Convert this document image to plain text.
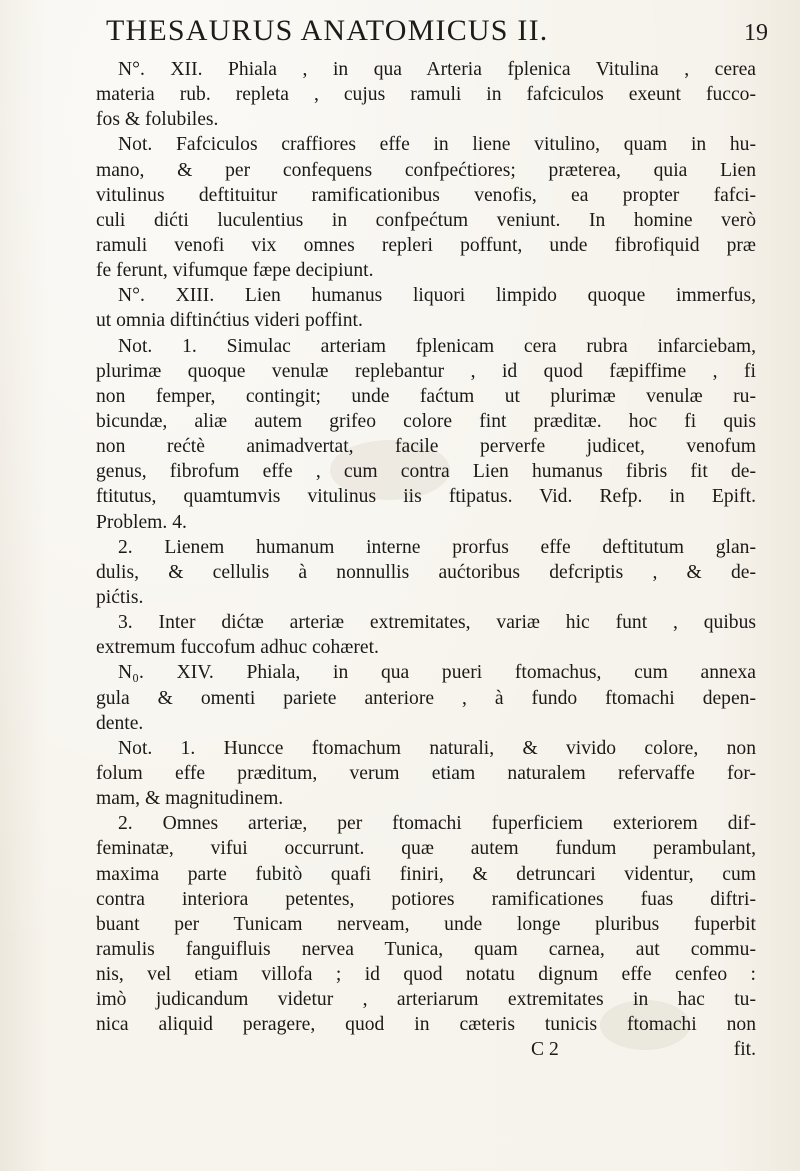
THESAURUS ANATOMICUS II.	19
N°. XII. Phiala , in qua Arteria fplenica Vitulina , cerea
materia rub. repleta , cujus ramuli in fafciculos exeunt fucco-
fos & folubiles.
Not. Fafciculos craffiores effe in liene vitulino, quam in hu-
mano, & per confequens confpećtiores; præterea, quia Lien
vitulinus deftituitur ramificationibus venofis, ea propter fafci-
culi dićti luculentius in confpećtum veniunt. In homine verò
ramuli venofi vix omnes repleri poffunt, unde fibrofiquid præ
fe ferunt, vifumque fæpe decipiunt.
N°. XIII. Lien humanus liquori limpido quoque immerfus,
ut omnia diftinćtius videri poffint.
Not. 1. Simulac arteriam fplenicam cera rubra infarciebam,
plurimæ quoque venulæ replebantur , id quod fæpiffime , fi
non femper, contingit; unde faćtum ut plurimæ venulæ ru-
bicundæ, aliæ autem grifeo colore fint præditæ. hoc fi quis
non rećtè animadvertat, facile perverfe judicet, venofum
genus, fibrofum effe , cum contra Lien humanus fibris fit de-
ftitutus, quamtumvis vitulinus iis ftipatus. Vid. Refp. in Epift.
Problem. 4.
2. Lienem humanum interne prorfus effe deftitutum glan-
dulis, & cellulis à nonnullis aućtoribus defcriptis , & de-
pićtis.
3. Inter dićtæ arteriæ extremitates, variæ hic funt , quibus
extremum fuccofum adhuc cohæret.
N₀. XIV. Phiala, in qua pueri ftomachus, cum annexa
gula & omenti pariete anteriore , à fundo ftomachi depen-
dente.
Not. 1. Huncce ftomachum naturali, & vivido colore, non
folum effe præditum, verum etiam naturalem refervaffe for-
mam, & magnitudinem.
2. Omnes arteriæ, per ftomachi fuperficiem exteriorem dif-
feminatæ, vifui occurrunt. quæ autem fundum perambulant,
maxima parte fubitò quafi finiri, & detruncari videntur, cum
contra interiora petentes, potiores ramificationes fuas diftri-
buant per Tunicam nerveam, unde longe pluribus fuperbit
ramulis fanguifluis nervea Tunica, quam carnea, aut commu-
nis, vel etiam villofa ; id quod notatu dignum effe cenfeo :
imò judicandum videtur , arteriarum extremitates in hac tu-
nica aliquid peragere, quod in cæteris tunicis ftomachi non
C 2	fit.
